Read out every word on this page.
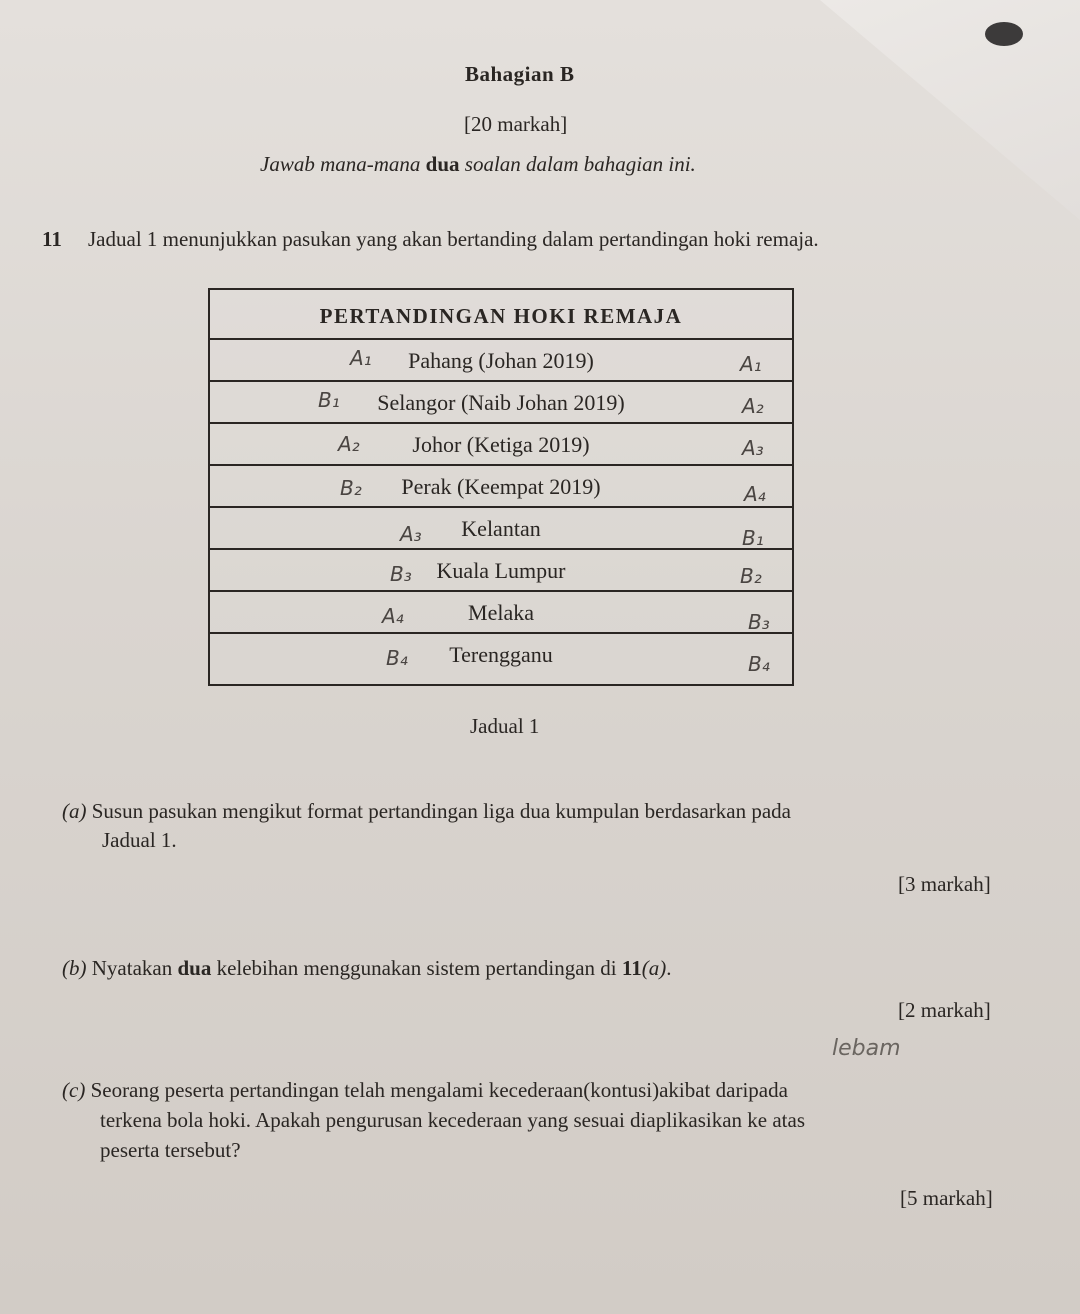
Bahagian B
[20 markah]
Jawab mana-mana dua soalan dalam bahagian ini.
11 Jadual 1 menunjukkan pasukan yang akan bertanding dalam pertandingan hoki remaja.
PERTANDINGAN HOKI REMAJA
A₁	Pahang (Johan 2019)	A₁
B₁	Selangor (Naib Johan 2019)	A₂
A₂	Johor (Ketiga 2019)	A₃
B₂	Perak (Keempat 2019)	A₄
A₃	Kelantan	B₁
B₃	Kuala Lumpur	B₂
A₄	Melaka	B₃
B₄	Terengganu	B₄
Jadual 1
(a) Susun pasukan mengikut format pertandingan liga dua kumpulan berdasarkan pada
Jadual 1.
[3 markah]
(b) Nyatakan dua kelebihan menggunakan sistem pertandingan di 11(a).
[2 markah]
lebam
(c) Seorang peserta pertandingan telah mengalami kecederaan(kontusi)akibat daripada
terkena bola hoki. Apakah pengurusan kecederaan yang sesuai diaplikasikan ke atas
peserta tersebut?
[5 markah]
